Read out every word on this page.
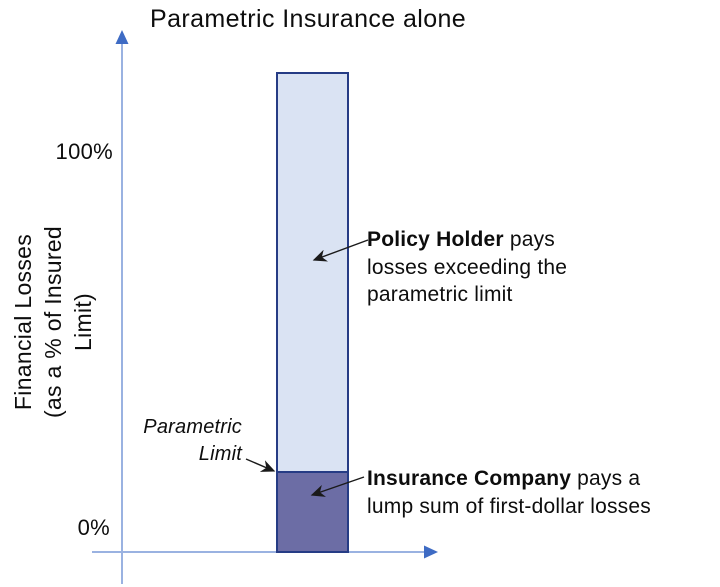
Parametric Insurance alone
Financial Losses (as a % of Insured Limit)
100%
0%
Policy Holder pays
losses exceeding the
parametric limit
Insurance Company pays a
lump sum of first-dollar losses
Parametric
Limit
